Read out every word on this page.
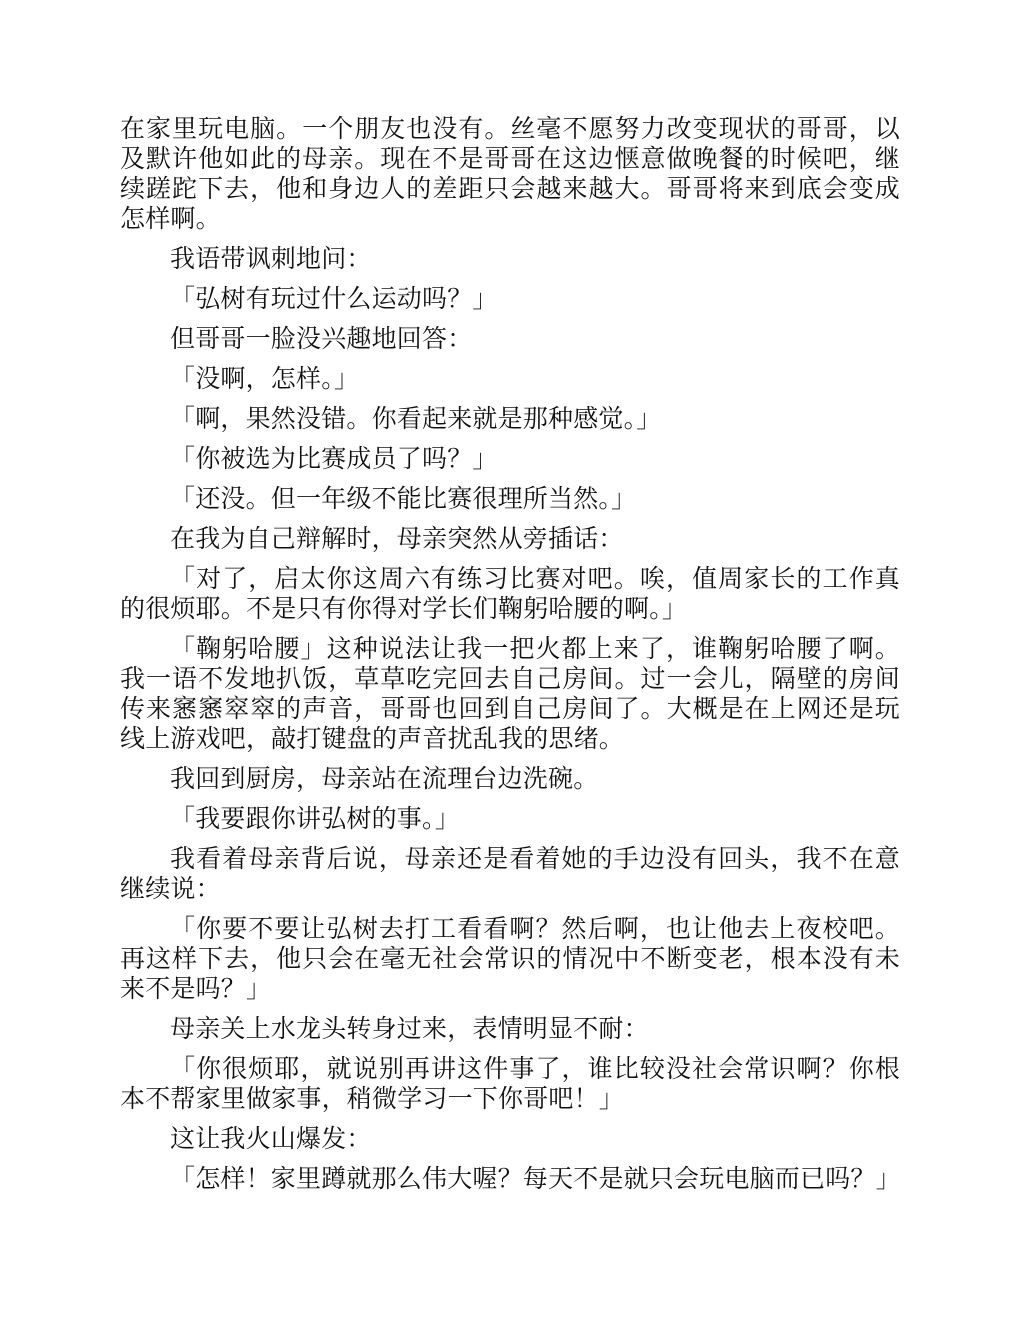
在家里玩电脑。一个朋友也没有。丝毫不愿努力改变现状的哥哥，以及默许他如此的母亲。现在不是哥哥在这边惬意做晚餐的时候吧，继续蹉跎下去，他和身边人的差距只会越来越大。哥哥将来到底会变成怎样啊。

我语带讽刺地问：

「弘树有玩过什么运动吗？」

但哥哥一脸没兴趣地回答：

「没啊，怎样。」

「啊，果然没错。你看起来就是那种感觉。」

「你被选为比赛成员了吗？」

「还没。但一年级不能比赛很理所当然。」

在我为自己辩解时，母亲突然从旁插话：

「对了，启太你这周六有练习比赛对吧。唉，值周家长的工作真的很烦耶。不是只有你得对学长们鞠躬哈腰的啊。」

「鞠躬哈腰」这种说法让我一把火都上来了，谁鞠躬哈腰了啊。我一语不发地扒饭，草草吃完回去自己房间。过一会儿，隔壁的房间传来窸窸窣窣的声音，哥哥也回到自己房间了。大概是在上网还是玩线上游戏吧，敲打键盘的声音扰乱我的思绪。

我回到厨房，母亲站在流理台边洗碗。

「我要跟你讲弘树的事。」

我看着母亲背后说，母亲还是看着她的手边没有回头，我不在意继续说：

「你要不要让弘树去打工看看啊？然后啊，也让他去上夜校吧。再这样下去，他只会在毫无社会常识的情况中不断变老，根本没有未来不是吗？」

母亲关上水龙头转身过来，表情明显不耐：

「你很烦耶，就说别再讲这件事了，谁比较没社会常识啊？你根本不帮家里做家事，稍微学习一下你哥吧！」

这让我火山爆发：

「怎样！家里蹲就那么伟大喔？每天不是就只会玩电脑而已吗？」
